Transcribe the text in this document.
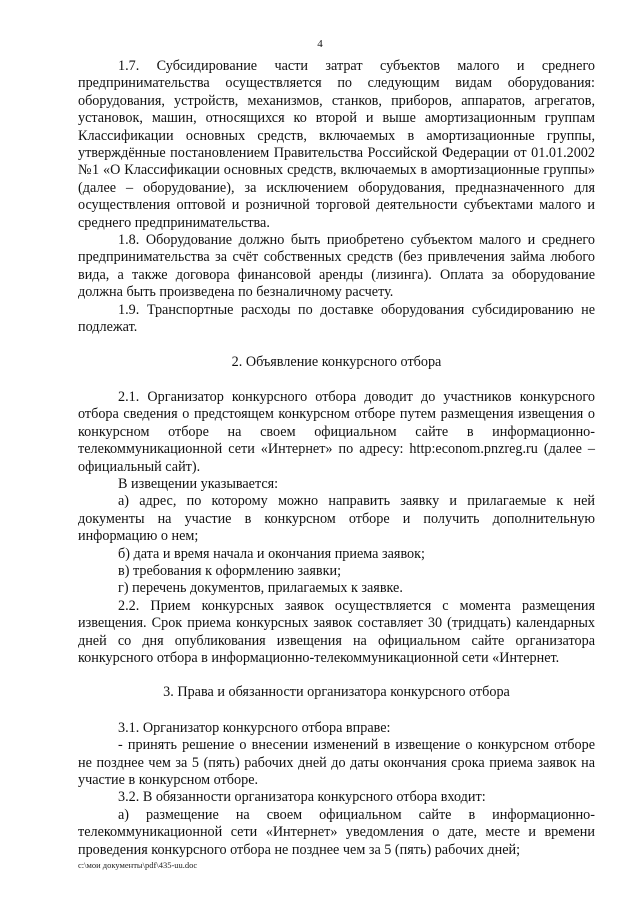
4

1.7. Субсидирование части затрат субъектов малого и среднего предпринимательства осуществляется по следующим видам оборудования: оборудования, устройств, механизмов, станков, приборов, аппаратов, агрегатов, установок, машин, относящихся ко второй и выше амортизационным группам Классификации основных средств, включаемых в амортизационные группы, утверждённые постановлением Правительства Российской Федерации от 01.01.2002 №1 «О Классификации основных средств, включаемых в амортизационные группы» (далее – оборудование), за исключением оборудования, предназначенного для осуществления оптовой и розничной торговой деятельности субъектами малого и среднего предпринимательства.

1.8. Оборудование должно быть приобретено субъектом малого и среднего предпринимательства за счёт собственных средств (без привлечения займа любого вида, а также договора финансовой аренды (лизинга). Оплата за оборудование должна быть произведена по безналичному расчету.

1.9. Транспортные расходы по доставке оборудования субсидированию не подлежат.

2. Объявление конкурсного отбора

2.1. Организатор конкурсного отбора доводит до участников конкурсного отбора сведения о предстоящем конкурсном отборе путем размещения извещения о конкурсном отборе на своем официальном сайте в информационно-телекоммуникационной сети «Интернет» по адресу: http:econom.pnzreg.ru (далее – официальный сайт).

В извещении указывается:

а) адрес, по которому можно направить заявку и прилагаемые к ней документы на участие в конкурсном отборе и получить дополнительную информацию о нем;

б) дата и время начала и окончания приема заявок;

в) требования к оформлению заявки;

г) перечень документов, прилагаемых к заявке.

2.2. Прием конкурсных заявок осуществляется с момента размещения извещения. Срок приема конкурсных заявок составляет 30 (тридцать) календарных дней со дня опубликования извещения на официальном сайте организатора конкурсного отбора в информационно-телекоммуникационной сети «Интернет.

3. Права и обязанности организатора конкурсного отбора

3.1. Организатор конкурсного отбора вправе:

- принять решение о внесении изменений в извещение о конкурсном отборе не позднее чем за 5 (пять) рабочих дней до даты окончания срока приема заявок на участие в конкурсном отборе.

3.2. В обязанности организатора конкурсного отбора входит:

а) размещение на своем официальном сайте в информационно-телекоммуникационной сети «Интернет» уведомления о дате, месте и времени проведения конкурсного отбора не позднее чем за 5 (пять) рабочих дней;

c:\мои документы\pdf\435-uu.doc
